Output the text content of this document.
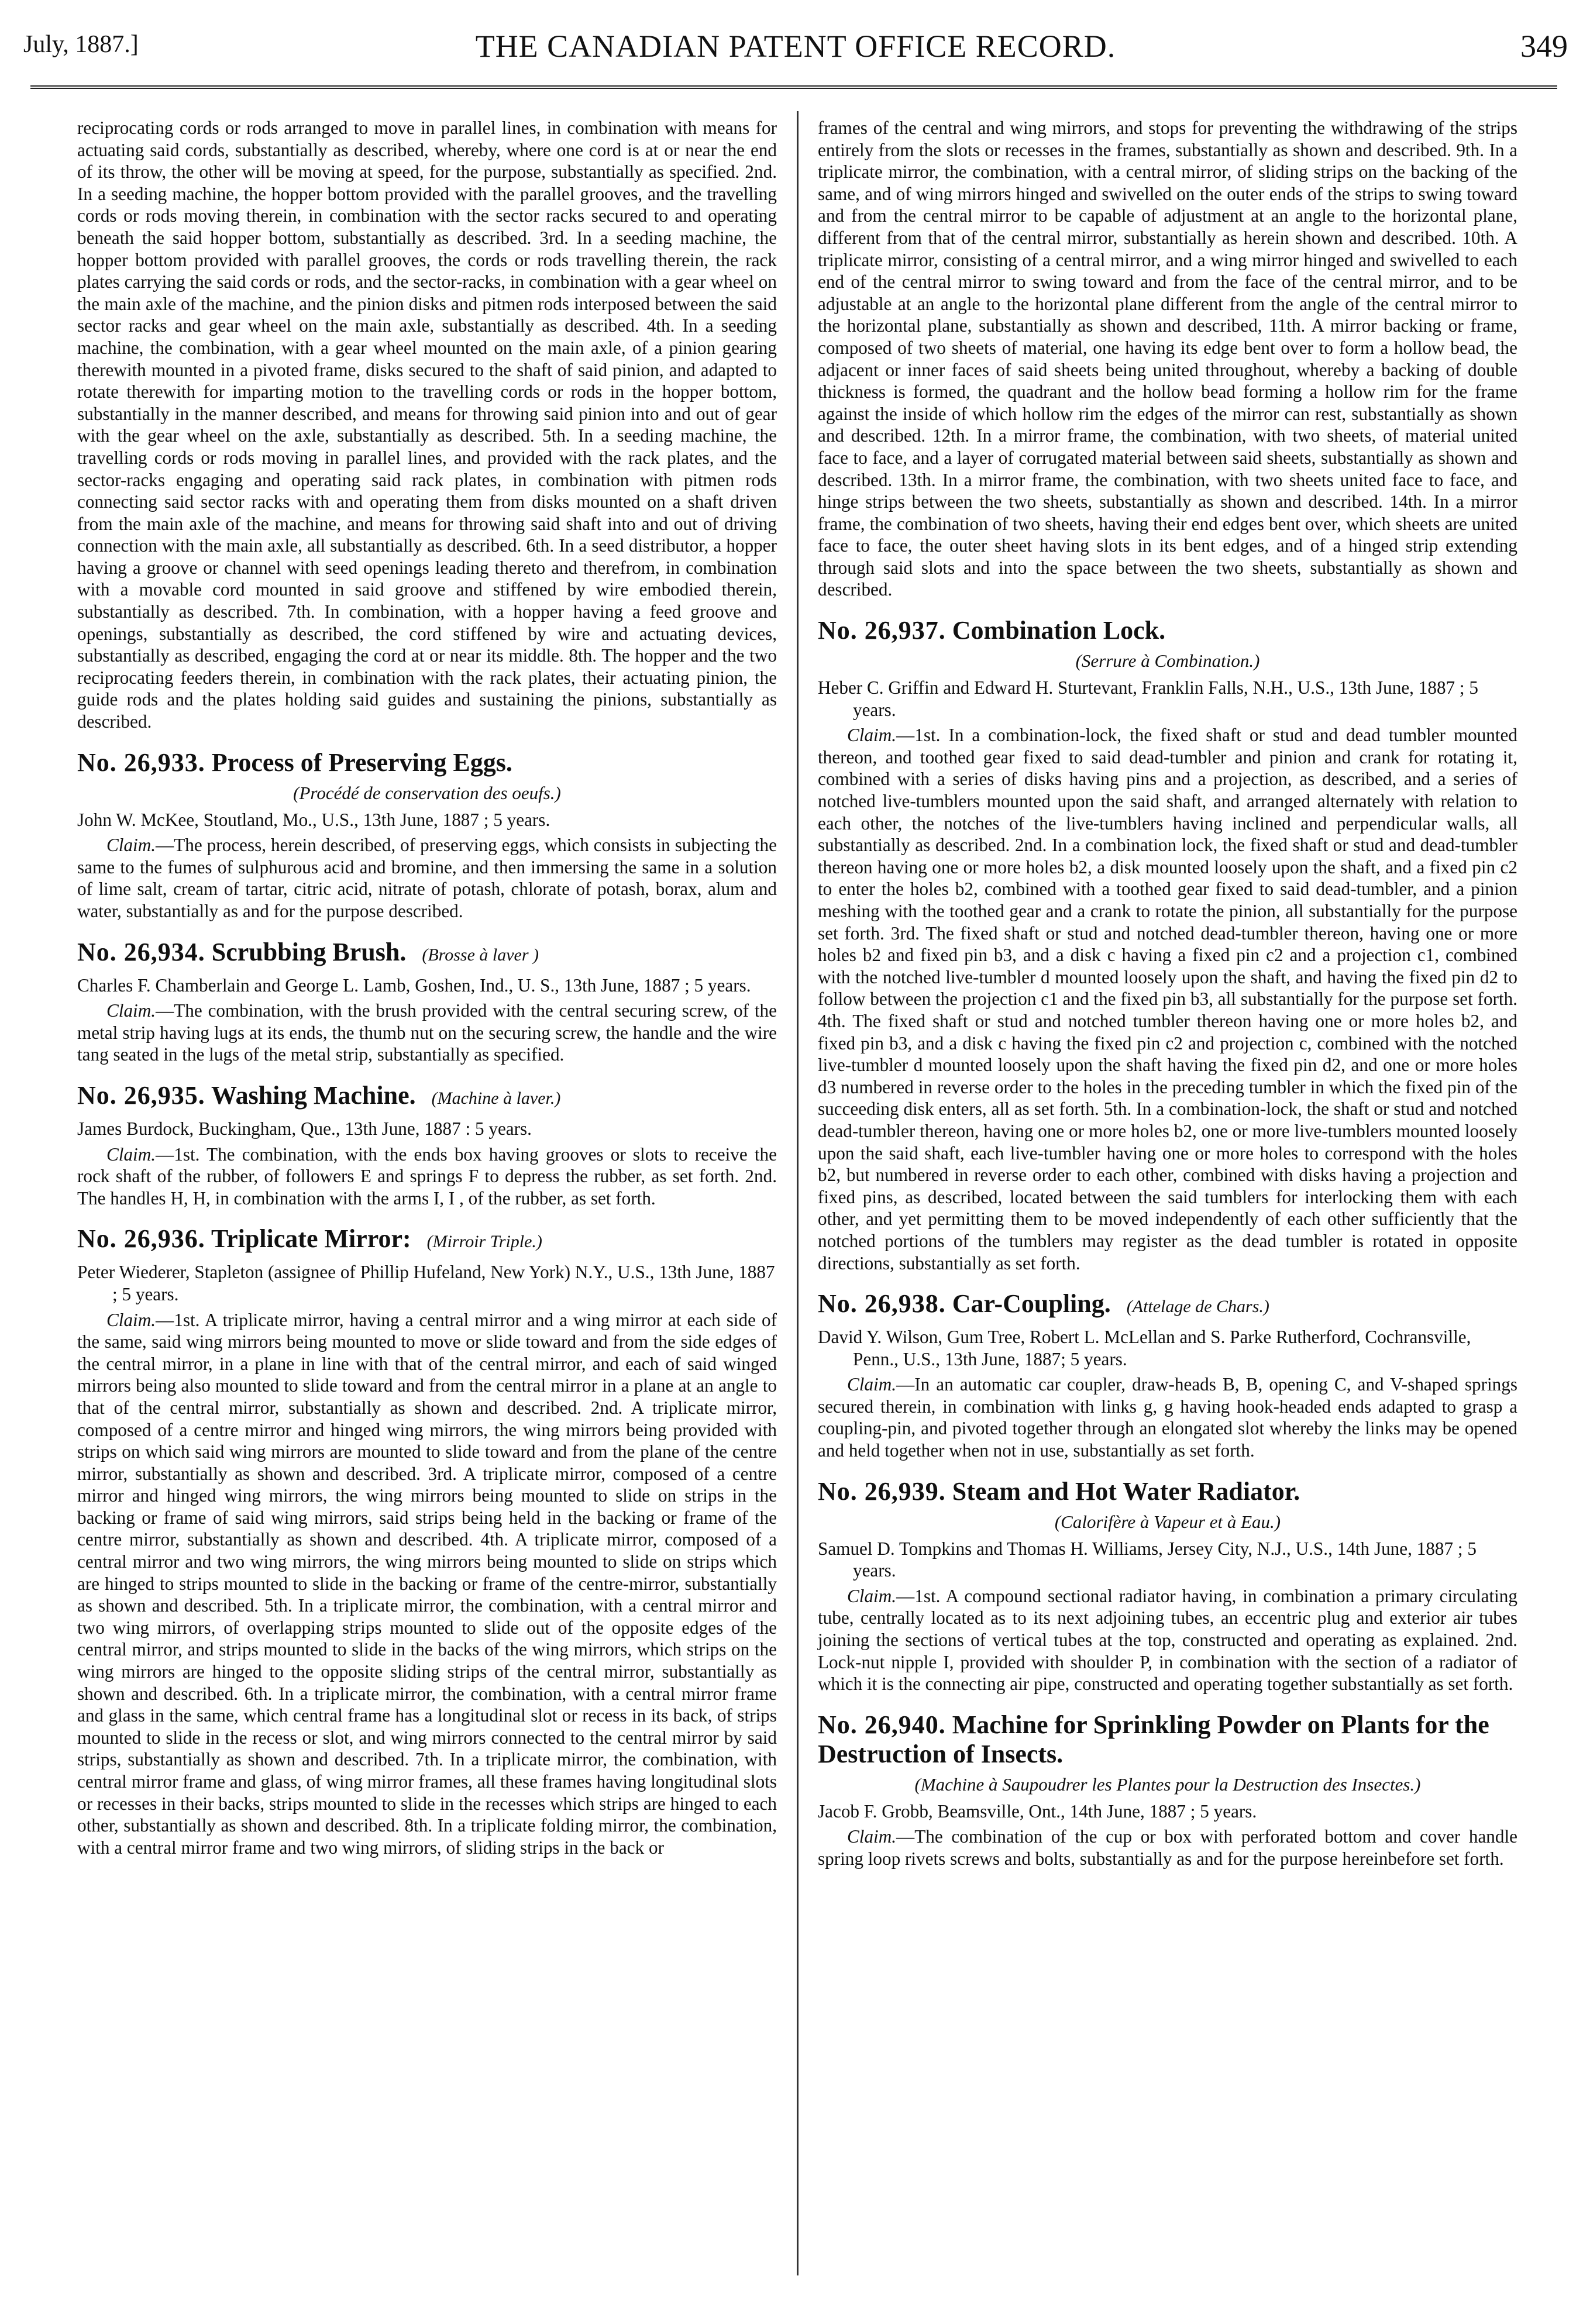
July, 1887.]	THE CANADIAN PATENT OFFICE RECORD.	349

reciprocating cords or rods arranged to move in parallel lines, in combination with means for actuating said cords, substantially as described, whereby, where one cord is at or near the end of its throw, the other will be moving at speed, for the purpose, substantially as specified. 2nd. In a seeding machine, the hopper bottom provided with the parallel grooves, and the travelling cords or rods moving therein, in combination with the sector racks secured to and operating beneath the said hopper bottom, substantially as described. 3rd. In a seeding machine, the hopper bottom provided with parallel grooves, the cords or rods travelling therein, the rack plates carrying the said cords or rods, and the sector-racks, in combination with a gear wheel on the main axle of the machine, and the pinion disks and pitmen rods interposed between the said sector racks and gear wheel on the main axle, substantially as described. 4th. In a seeding machine, the combination, with a gear wheel mounted on the main axle, of a pinion gearing therewith mounted in a pivoted frame, disks secured to the shaft of said pinion, and adapted to rotate therewith for imparting motion to the travelling cords or rods in the hopper bottom, substantially in the manner described, and means for throwing said pinion into and out of gear with the gear wheel on the axle, substantially as described. 5th. In a seeding machine, the travelling cords or rods moving in parallel lines, and provided with the rack plates, and the sector-racks engaging and operating said rack plates, in combination with pitmen rods connecting said sector racks with and operating them from disks mounted on a shaft driven from the main axle of the machine, and means for throwing said shaft into and out of driving connection with the main axle, all substantially as described. 6th. In a seed distributor, a hopper having a groove or channel with seed openings leading thereto and therefrom, in combination with a movable cord mounted in said groove and stiffened by wire embodied therein, substantially as described. 7th. In combination, with a hopper having a feed groove and openings, substantially as described, the cord stiffened by wire and actuating devices, substantially as described, engaging the cord at or near its middle. 8th. The hopper and the two reciprocating feeders therein, in combination with the rack plates, their actuating pinion, the guide rods and the plates holding said guides and sustaining the pinions, substantially as described.

No. 26,933. Process of Preserving Eggs.

(Procédé de conservation des oeufs.)

John W. McKee, Stoutland, Mo., U.S., 13th June, 1887 ; 5 years.

Claim.—The process, herein described, of preserving eggs, which consists in subjecting the same to the fumes of sulphurous acid and bromine, and then immersing the same in a solution of lime salt, cream of tartar, citric acid, nitrate of potash, chlorate of potash, borax, alum and water, substantially as and for the purpose described.

No. 26,934. Scrubbing Brush. (Brosse à laver )

Charles F. Chamberlain and George L. Lamb, Goshen, Ind., U. S., 13th June, 1887 ; 5 years.

Claim.—The combination, with the brush provided with the central securing screw, of the metal strip having lugs at its ends, the thumb nut on the securing screw, the handle and the wire tang seated in the lugs of the metal strip, substantially as specified.

No. 26,935. Washing Machine. (Machine à laver.)

James Burdock, Buckingham, Que., 13th June, 1887 : 5 years.

Claim.—1st. The combination, with the ends box having grooves or slots to receive the rock shaft of the rubber, of followers E and springs F to depress the rubber, as set forth. 2nd. The handles H, H, in combination with the arms I, I , of the rubber, as set forth.

No. 26,936. Triplicate Mirror: (Mirroir Triple.)

Peter Wiederer, Stapleton (assignee of Phillip Hufeland, New York) N.Y., U.S., 13th June, 1887 ; 5 years.

Claim.—1st. A triplicate mirror, having a central mirror and a wing mirror at each side of the same, said wing mirrors being mounted to move or slide toward and from the side edges of the central mirror, in a plane in line with that of the central mirror, and each of said winged mirrors being also mounted to slide toward and from the central mirror in a plane at an angle to that of the central mirror, substantially as shown and described. 2nd. A triplicate mirror, composed of a centre mirror and hinged wing mirrors, the wing mirrors being provided with strips on which said wing mirrors are mounted to slide toward and from the plane of the centre mirror, substantially as shown and described. 3rd. A triplicate mirror, composed of a centre mirror and hinged wing mirrors, the wing mirrors being mounted to slide on strips in the backing or frame of said wing mirrors, said strips being held in the backing or frame of the centre mirror, substantially as shown and described. 4th. A triplicate mirror, composed of a central mirror and two wing mirrors, the wing mirrors being mounted to slide on strips which are hinged to strips mounted to slide in the backing or frame of the centre-mirror, substantially as shown and described. 5th. In a triplicate mirror, the combination, with a central mirror and two wing mirrors, of overlapping strips mounted to slide out of the opposite edges of the central mirror, and strips mounted to slide in the backs of the wing mirrors, which strips on the wing mirrors are hinged to the opposite sliding strips of the central mirror, substantially as shown and described. 6th. In a triplicate mirror, the combination, with a central mirror frame and glass in the same, which central frame has a longitudinal slot or recess in its back, of strips mounted to slide in the recess or slot, and wing mirrors connected to the central mirror by said strips, substantially as shown and described. 7th. In a triplicate mirror, the combination, with central mirror frame and glass, of wing mirror frames, all these frames having longitudinal slots or recesses in their backs, strips mounted to slide in the recesses which strips are hinged to each other, substantially as shown and described. 8th. In a triplicate folding mirror, the combination, with a central mirror frame and two wing mirrors, of sliding strips in the back or

frames of the central and wing mirrors, and stops for preventing the withdrawing of the strips entirely from the slots or recesses in the frames, substantially as shown and described. 9th. In a triplicate mirror, the combination, with a central mirror, of sliding strips on the backing of the same, and of wing mirrors hinged and swivelled on the outer ends of the strips to swing toward and from the central mirror to be capable of adjustment at an angle to the horizontal plane, different from that of the central mirror, substantially as herein shown and described. 10th. A triplicate mirror, consisting of a central mirror, and a wing mirror hinged and swivelled to each end of the central mirror to swing toward and from the face of the central mirror, and to be adjustable at an angle to the horizontal plane different from the angle of the central mirror to the horizontal plane, substantially as shown and described, 11th. A mirror backing or frame, composed of two sheets of material, one having its edge bent over to form a hollow bead, the adjacent or inner faces of said sheets being united throughout, whereby a backing of double thickness is formed, the quadrant and the hollow bead forming a hollow rim for the frame against the inside of which hollow rim the edges of the mirror can rest, substantially as shown and described. 12th. In a mirror frame, the combination, with two sheets, of material united face to face, and a layer of corrugated material between said sheets, substantially as shown and described. 13th. In a mirror frame, the combination, with two sheets united face to face, and hinge strips between the two sheets, substantially as shown and described. 14th. In a mirror frame, the combination of two sheets, having their end edges bent over, which sheets are united face to face, the outer sheet having slots in its bent edges, and of a hinged strip extending through said slots and into the space between the two sheets, substantially as shown and described.

No. 26,937. Combination Lock.

(Serrure à Combination.)

Heber C. Griffin and Edward H. Sturtevant, Franklin Falls, N.H., U.S., 13th June, 1887 ; 5 years.

Claim.—1st. In a combination-lock, the fixed shaft or stud and dead tumbler mounted thereon, and toothed gear fixed to said dead-tumbler and pinion and crank for rotating it, combined with a series of disks having pins and a projection, as described, and a series of notched live-tumblers mounted upon the said shaft, and arranged alternately with relation to each other, the notches of the live-tumblers having inclined and perpendicular walls, all substantially as described. 2nd. In a combination lock, the fixed shaft or stud and dead-tumbler thereon having one or more holes b2, a disk mounted loosely upon the shaft, and a fixed pin c2 to enter the holes b2, combined with a toothed gear fixed to said dead-tumbler, and a pinion meshing with the toothed gear and a crank to rotate the pinion, all substantially for the purpose set forth. 3rd. The fixed shaft or stud and notched dead-tumbler thereon, having one or more holes b2 and fixed pin b3, and a disk c having a fixed pin c2 and a projection c1, combined with the notched live-tumbler d mounted loosely upon the shaft, and having the fixed pin d2 to follow between the projection c1 and the fixed pin b3, all substantially for the purpose set forth. 4th. The fixed shaft or stud and notched tumbler thereon having one or more holes b2, and fixed pin b3, and a disk c having the fixed pin c2 and projection c, combined with the notched live-tumbler d mounted loosely upon the shaft having the fixed pin d2, and one or more holes d3 numbered in reverse order to the holes in the preceding tumbler in which the fixed pin of the succeeding disk enters, all as set forth. 5th. In a combination-lock, the shaft or stud and notched dead-tumbler thereon, having one or more holes b2, one or more live-tumblers mounted loosely upon the said shaft, each live-tumbler having one or more holes to correspond with the holes b2, but numbered in reverse order to each other, combined with disks having a projection and fixed pins, as described, located between the said tumblers for interlocking them with each other, and yet permitting them to be moved independently of each other sufficiently that the notched portions of the tumblers may register as the dead tumbler is rotated in opposite directions, substantially as set forth.

No. 26,938. Car-Coupling. (Attelage de Chars.)

David Y. Wilson, Gum Tree, Robert L. McLellan and S. Parke Rutherford, Cochransville, Penn., U.S., 13th June, 1887; 5 years.

Claim.—In an automatic car coupler, draw-heads B, B, opening C, and V-shaped springs secured therein, in combination with links g, g having hook-headed ends adapted to grasp a coupling-pin, and pivoted together through an elongated slot whereby the links may be opened and held together when not in use, substantially as set forth.

No. 26,939. Steam and Hot Water Radiator.

(Calorifère à Vapeur et à Eau.)

Samuel D. Tompkins and Thomas H. Williams, Jersey City, N.J., U.S., 14th June, 1887 ; 5 years.

Claim.—1st. A compound sectional radiator having, in combination a primary circulating tube, centrally located as to its next adjoining tubes, an eccentric plug and exterior air tubes joining the sections of vertical tubes at the top, constructed and operating as explained. 2nd. Lock-nut nipple I, provided with shoulder P, in combination with the section of a radiator of which it is the connecting air pipe, constructed and operating together substantially as set forth.

No. 26,940. Machine for Sprinkling Powder on Plants for the Destruction of Insects.

(Machine à Saupoudrer les Plantes pour la Destruction des Insectes.)

Jacob F. Grobb, Beamsville, Ont., 14th June, 1887 ; 5 years.

Claim.—The combination of the cup or box with perforated bottom and cover handle spring loop rivets screws and bolts, substantially as and for the purpose hereinbefore set forth.
